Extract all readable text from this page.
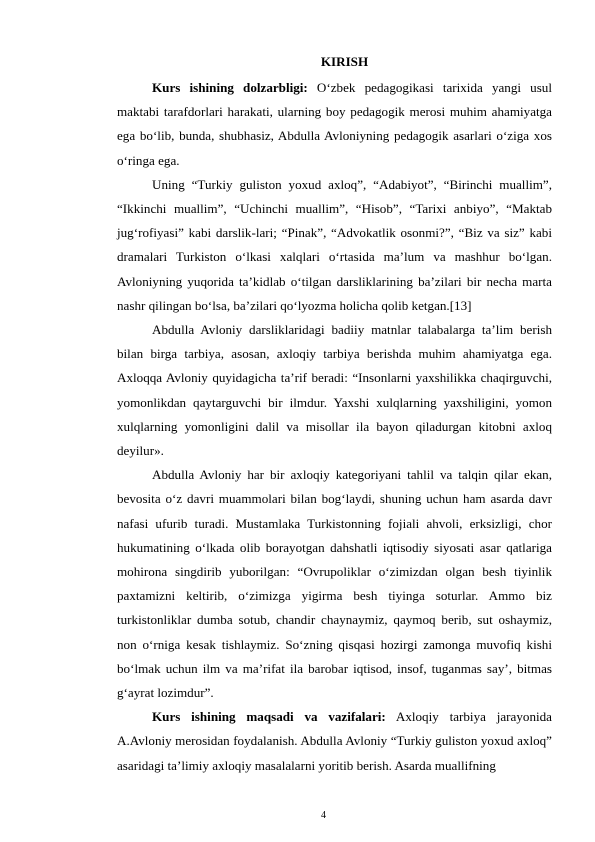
KIRISH

Kurs ishining dolzarbligi: O‘zbek pedagogikasi tarixida yangi usul maktabi tarafdorlari harakati, ularning boy pedagogik merosi muhim ahamiyatga ega bo‘lib, bunda, shubhasiz, Abdulla Avloniyning pedagogik asarlari o‘ziga xos o‘ringa ega.

Uning “Turkiy guliston yoxud axloq”, “Adabiyot”, “Birinchi muallim”, “Ikkinchi muallim”, “Uchinchi muallim”, “Hisob”, “Tarixi anbiyo”, “Maktab jug‘rofiyasi” kabi darslik-lari; “Pinak”, “Advokatlik osonmi?”, “Biz va siz” kabi dramalari Turkiston o‘lkasi xalqlari o‘rtasida ma’lum va mashhur bo‘lgan. Avloniyning yuqorida ta’kidlab o‘tilgan darsliklarining ba’zilari bir necha marta nashr qilingan bo‘lsa, ba’zilari qo‘lyozma holicha qolib ketgan.[13]

Abdulla Avloniy darsliklaridagi badiiy matnlar talabalarga ta’lim berish bilan birga tarbiya, asosan, axloqiy tarbiya berishda muhim ahamiyatga ega. Axloqqa Avloniy quyidagicha ta’rif beradi: “Insonlarni yaxshilikka chaqirguvchi, yomonlikdan qaytarguvchi bir ilmdur. Yaxshi xulqlarning yaxshiligini, yomon xulqlarning yomonligini dalil va misollar ila bayon qiladurgan kitobni axloq deyilur».

Abdulla Avloniy har bir axloqiy kategoriyani tahlil va talqin qilar ekan, bevosita o‘z davri muammolari bilan bog‘laydi, shuning uchun ham asarda davr nafasi ufurib turadi. Mustamlaka Turkistonning fojiali ahvoli, erksizligi, chor hukumatining o‘lkada olib borayotgan dahshatli iqtisodiy siyosati asar qatlariga mohirona singdirib yuborilgan: “Ovrupoliklar o‘zimizdan olgan besh tiyinlik paxtamizni keltirib, o‘zimizga yigirma besh tiyinga soturlar. Ammo biz turkistonliklar dumba sotub, chandir chaynaymiz, qaymoq berib, sut oshaymiz, non o‘rniga kesak tishlaymiz. So‘zning qisqasi hozirgi zamonga muvofiq kishi bo‘lmak uchun ilm va ma’rifat ila barobar iqtisod, insof, tuganmas say’, bitmas g‘ayrat lozimdur”.

Kurs ishining maqsadi va vazifalari: Axloqiy tarbiya jarayonida A.Avloniy merosidan foydalanish. Abdulla Avloniy “Turkiy guliston yoxud axloq” asaridagi ta’limiy axloqiy masalalarni yoritib berish. Asarda muallifning

4
